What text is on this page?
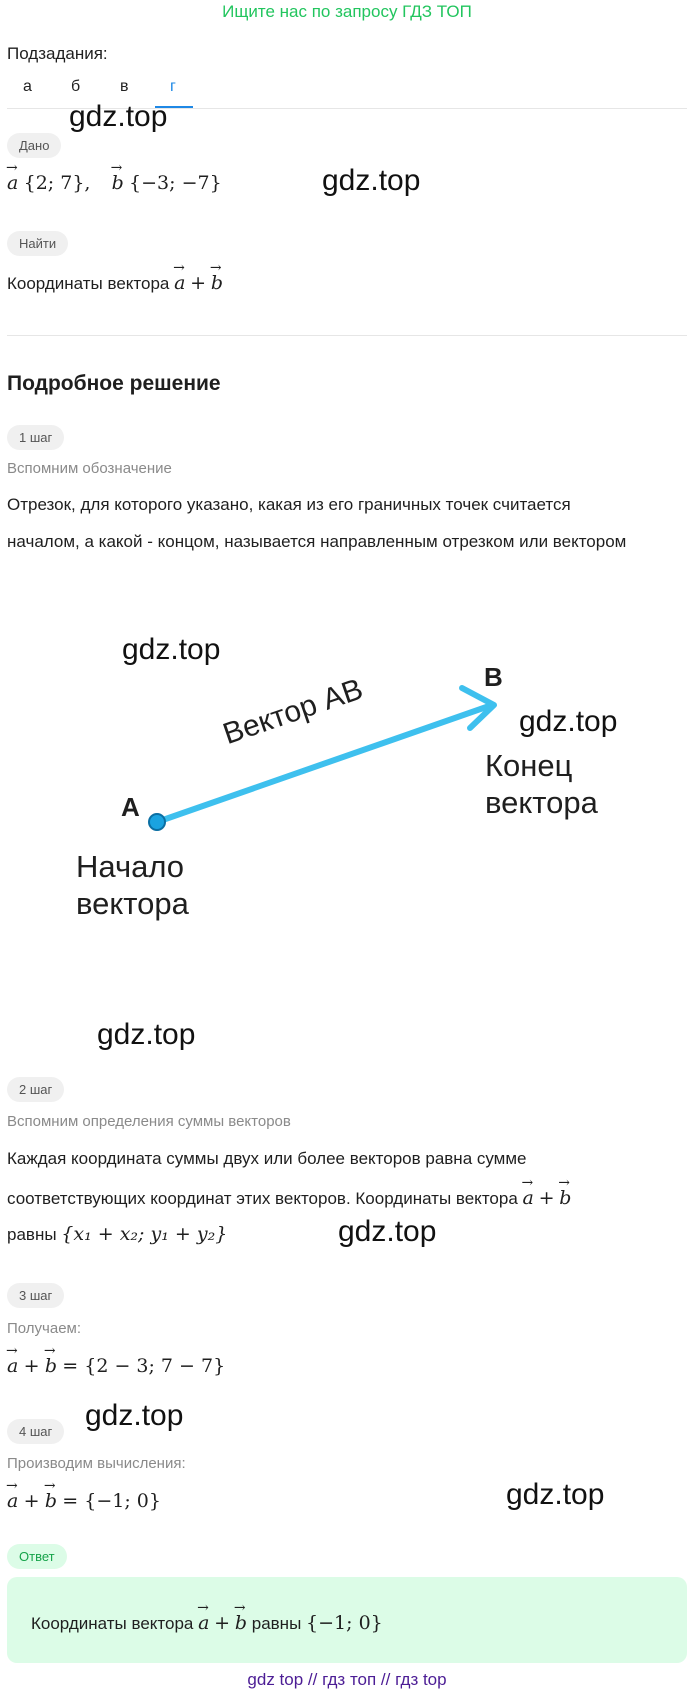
Ищите нас по запросу ГДЗ ТОП
Подзадания:
а б в	г
Дано
→
a {2; 7},
→
b {−3; −7}
Найти
Координаты вектора
→
a +
→
b
Подробное решение
1 шаг
Вспомним обозначение
Отрезок, для которого указано, какая из его граничных точек считается
началом, а какой - концом, называется направленным отрезком или вектором
A
B
Вектор AB
Начало
вектора
Конец
вектора
2 шаг
Вспомним определения суммы векторов
Каждая координата суммы двух или более векторов равна сумме
соответствующих координат этих векторов. Координаты вектора
→
a +
→
b
равны {x₁ + x₂; y₁ + y₂}
3 шаг
Получаем:
→
a +
→
b = {2 − 3; 7 − 7}
4 шаг
Производим вычисления:
→
a +
→
b = {−1; 0}
Ответ
Координаты вектора
→
a +
→
b равны {−1; 0}
gdz.top
gdz.top
gdz.top
gdz.top
gdz.top
gdz.top
gdz.top
gdz.top
gdz top // гдз топ // гдз top
